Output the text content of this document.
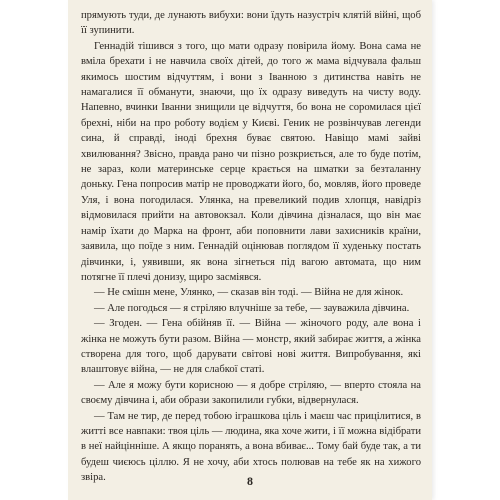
прямують туди, де лунають вибухи: вони їдуть назустріч клятій війні, щоб її зупинити.

Геннадій тішився з того, що мати одразу повірила йому. Вона сама не вміла брехати і не навчила своїх дітей, до того ж мама відчувала фальш якимось шостим відчуттям, і вони з Іванною з дитинства навіть не намагалися її обманути, знаючи, що їх одразу виведуть на чисту воду. Напевно, вчинки Іванни знищили це відчуття, бо вона не соромилася цієї брехні, ніби на про роботу водієм у Києві. Геник не розвінчував легенди сина, й справді, іноді брехня буває святою. Навіщо мамі зайві хвилювання? Звісно, правда рано чи пізно розкриється, але то буде потім, не зараз, коли материнське серце крається на шматки за безталанну доньку. Гена попросив матір не проводжати його, бо, мовляв, його проведе Уля, і вона погодилася. Улянка, на превеликий подив хлопця, навідріз відмовилася прийти на автовокзал. Коли дівчина дізналася, що він має намір їхати до Марка на фронт, аби поповнити лави захисників країни, заявила, що поїде з ним. Геннадій оцінював поглядом її худеньку постать дівчинки, і, уявивши, як вона зігнеться під вагою автомата, що ним потягне її плечі донизу, щиро засміявся.

— Не смішн мене, Улянко, — сказав він тоді. — Війна не для жінок.

— Але погодься — я стріляю влучніше за тебе, — зауважила дівчина.

— Згоден. — Гена обійняв її. — Війна — жіночого роду, але вона і жінка не можуть бути разом. Війна — монстр, який забирає життя, а жінка створена для того, щоб дарувати світові нові життя. Випробування, які влаштовує війна, — не для слабкої статі.

— Але я можу бути корисною — я добре стріляю, — вперто стояла на своєму дівчина і, аби образи закопилили губки, відвернулася.

— Там не тир, де перед тобою іграшкова ціль і маєш час прицілитися, в житті все навпаки: твоя ціль — людина, яка хоче жити, і її можна відібрати в неї найцінніше. А якщо поранять, а вона вбиває... Тому бай буде так, а ти будеш чиєюсь ціллю. Я не хочу, аби хтось полював на тебе як на хижого звіра.	8
